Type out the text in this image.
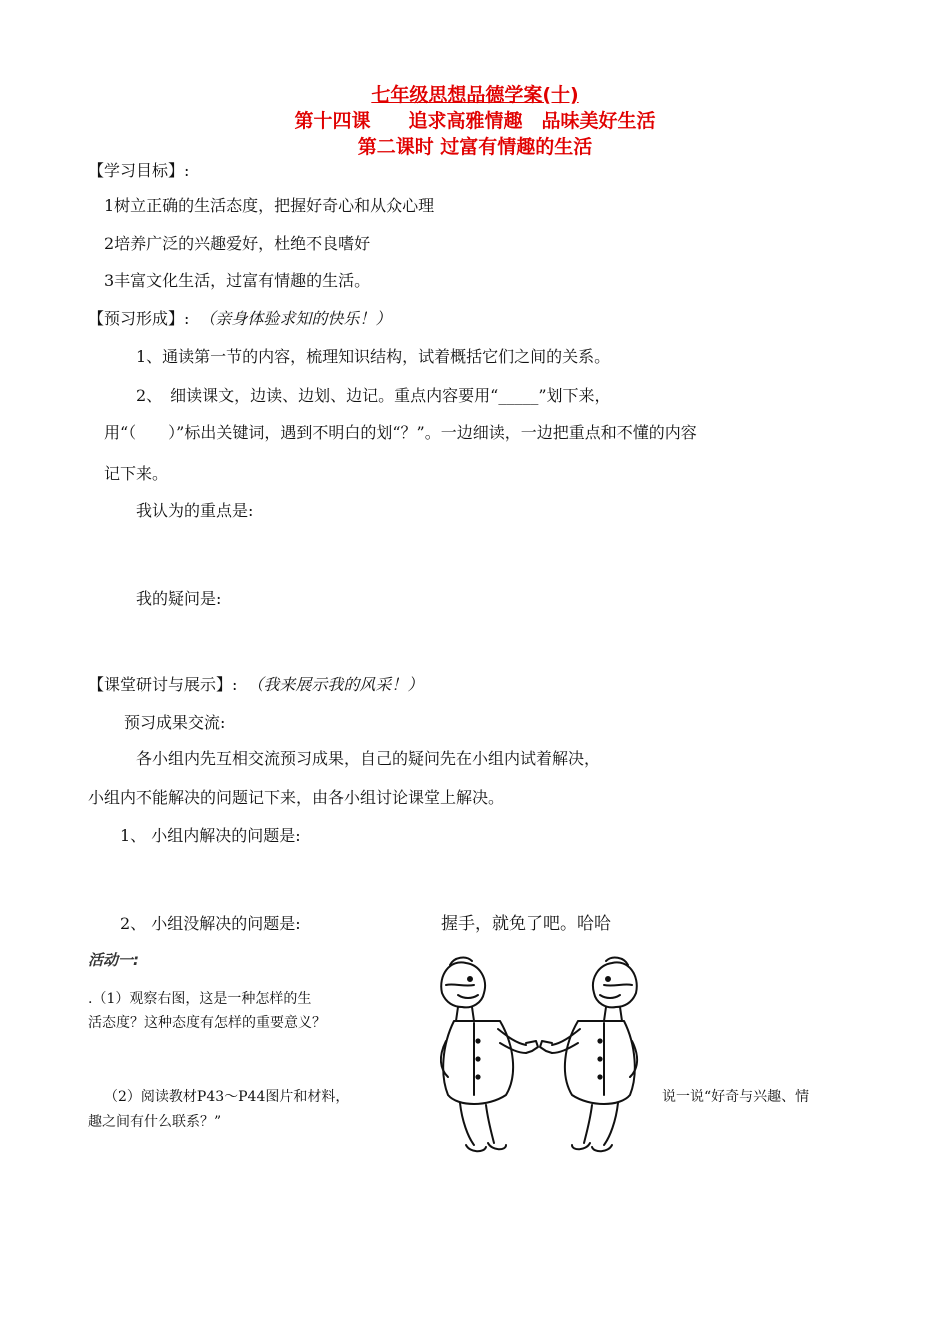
七年级思想品德学案(十)
第十四课　　追求高雅情趣　品味美好生活
第二课时 过富有情趣的生活
【学习目标】:
1树立正确的生活态度，把握好奇心和从众心理
2培养广泛的兴趣爱好，杜绝不良嗜好
3丰富文化生活，过富有情趣的生活。
【预习形成】: （亲身体验求知的快乐！）
1、通读第一节的内容，梳理知识结构，试着概括它们之间的关系。
2、　细读课文，边读、边划、边记。重点内容要用“_____”划下来，
用“（　　）”标出关键词，遇到不明白的划“？”。一边细读，一边把重点和不懂的内容
记下来。
我认为的重点是:
我的疑问是:
【课堂研讨与展示】: （我来展示我的风采！）
预习成果交流:
各小组内先互相交流预习成果，自己的疑问先在小组内试着解决，
小组内不能解决的问题记下来，由各小组讨论课堂上解决。
1、 小组内解决的问题是:
2、 小组没解决的问题是:	握手，就免了吧。哈哈
活动一:
.（1）观察右图，这是一种怎样的生
活态度？这种态度有怎样的重要意义？
（2）阅读教材P43～P44图片和材料，	说一说“好奇与兴趣、情
趣之间有什么联系？”
